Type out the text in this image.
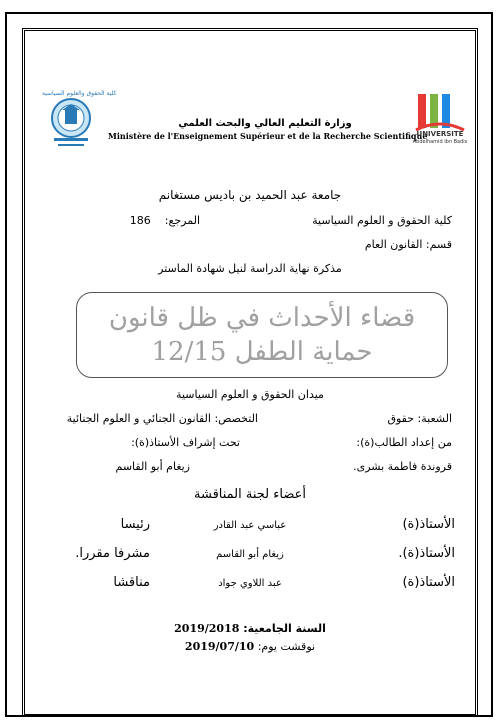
كلية الحقوق والعلوم السياسية
وزارة التعليم العالي والبحث العلمي
Ministère de l'Enseignement Supérieur et de la Recherche Scientifique
UNIVERSITE
Abdelhamid Ibn Badis
جامعة عبد الحميد بن باديس مستغانم
كلية الحقوق و العلوم السياسية
المرجع:    186
قسم: القانون العام
مذكرة نهاية الدراسة لنيل شهادة الماستر
قضاء الأحداث في ظل قانون
حماية الطفل 12/15
ميدان الحقوق و العلوم السياسية
الشعبة: حقوق
التخصص: القانون الجنائي و العلوم الجنائية
من إعداد الطالب(ة):
تحت إشراف الأستاذ(ة):
قروندة فاطمة بشرى.
زيغام أبو القاسم
أعضاء لجنة المناقشة
الأستاذ(ة)
عباسي عبد القادر
رئيسا
الأستاذ(ة).
زيغام أبو القاسم
مشرفا مقررا.
الأستاذ(ة)
عبد اللاوي جواد
مناقشا
السنة الجامعية: 2019/2018
نوقشت يوم: 2019/07/10
